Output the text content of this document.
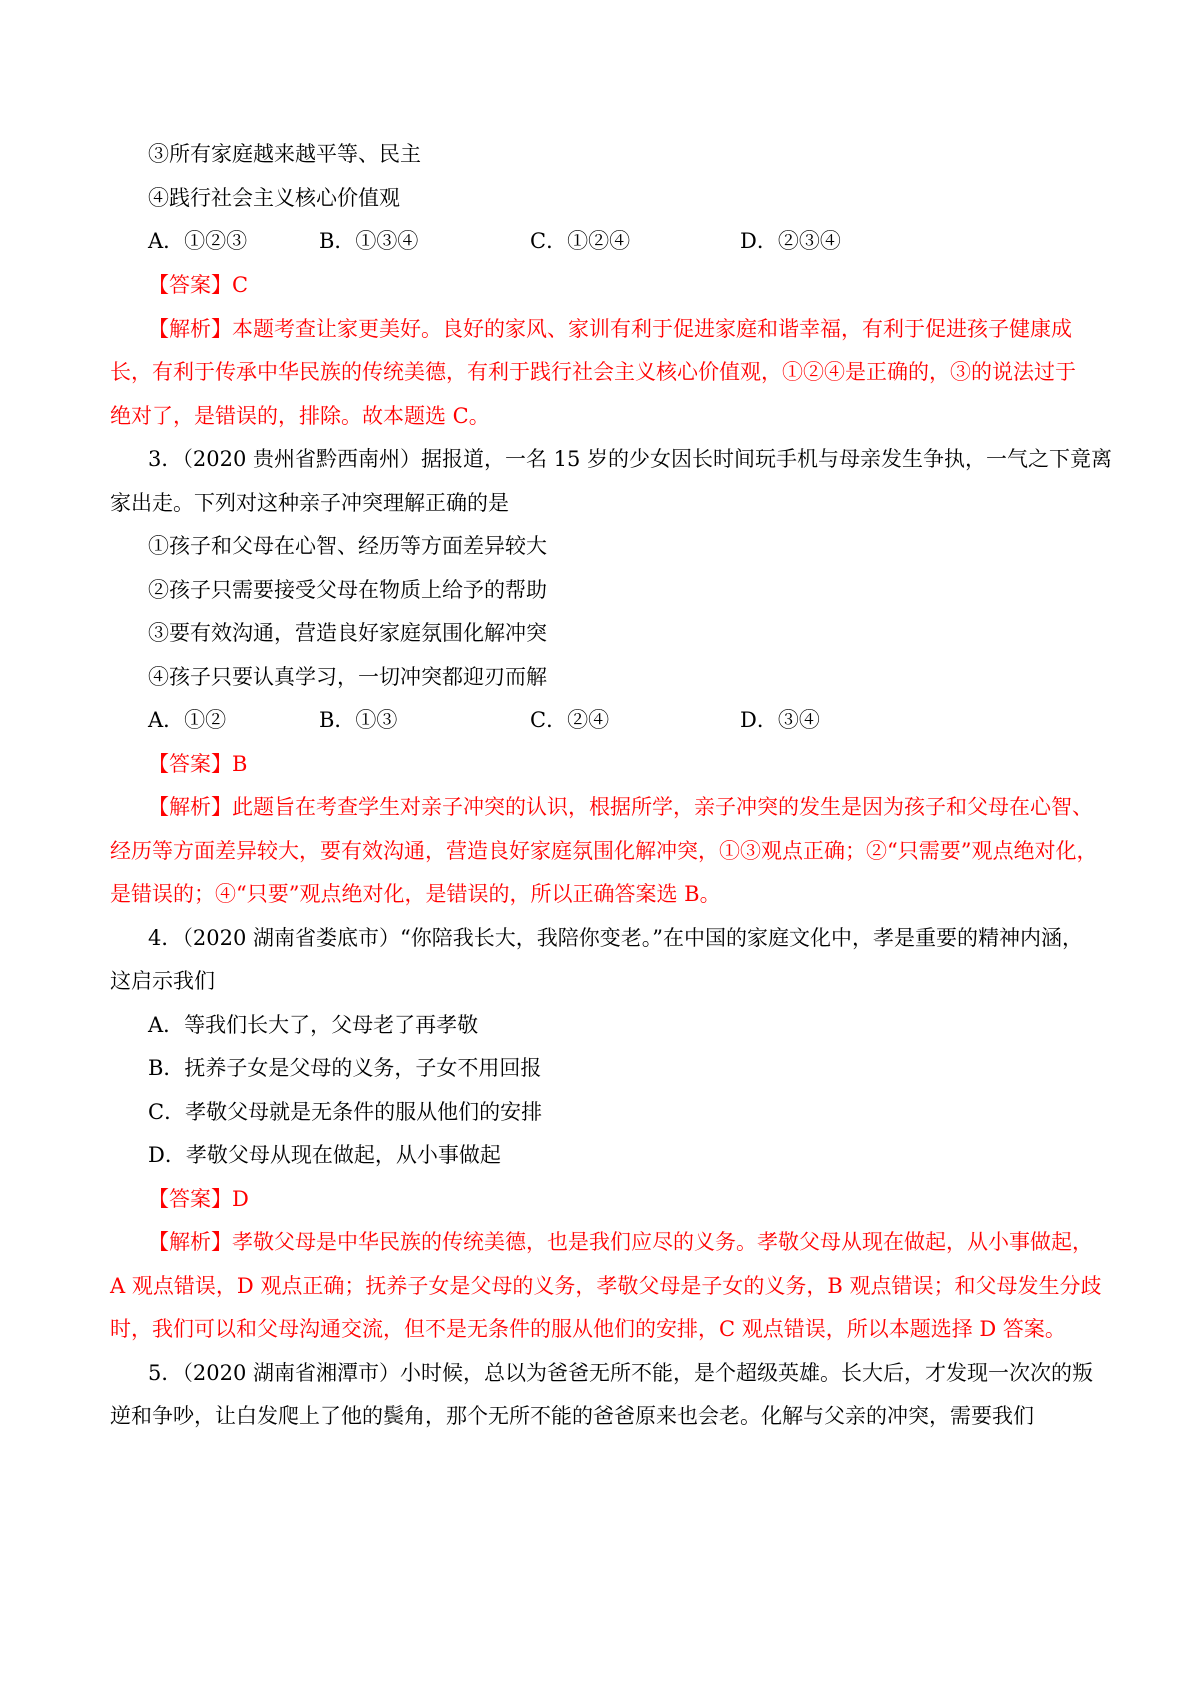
③所有家庭越来越平等、民主
④践行社会主义核心价值观
A．①②③	B．①③④	C．①②④	D．②③④
【答案】C
【解析】本题考查让家更美好。良好的家风、家训有利于促进家庭和谐幸福，有利于促进孩子健康成
长，有利于传承中华民族的传统美德，有利于践行社会主义核心价值观，①②④是正确的，③的说法过于
绝对了，是错误的，排除。故本题选 C。
3．（2020 贵州省黔西南州）据报道，一名 15 岁的少女因长时间玩手机与母亲发生争执，一气之下竟离
家出走。下列对这种亲子冲突理解正确的是
①孩子和父母在心智、经历等方面差异较大
②孩子只需要接受父母在物质上给予的帮助
③要有效沟通，营造良好家庭氛围化解冲突
④孩子只要认真学习，一切冲突都迎刃而解
A．①②	B．①③	C．②④	D．③④
【答案】B
【解析】此题旨在考查学生对亲子冲突的认识，根据所学，亲子冲突的发生是因为孩子和父母在心智、
经历等方面差异较大，要有效沟通，营造良好家庭氛围化解冲突，①③观点正确；②“只需要”观点绝对化，
是错误的；④“只要”观点绝对化，是错误的，所以正确答案选 B。
4．（2020 湖南省娄底市）“你陪我长大，我陪你变老。”在中国的家庭文化中，孝是重要的精神内涵，
这启示我们
A．等我们长大了，父母老了再孝敬
B．抚养子女是父母的义务，子女不用回报
C．孝敬父母就是无条件的服从他们的安排
D．孝敬父母从现在做起，从小事做起
【答案】D
【解析】孝敬父母是中华民族的传统美德，也是我们应尽的义务。孝敬父母从现在做起，从小事做起，
A 观点错误，D 观点正确；抚养子女是父母的义务，孝敬父母是子女的义务，B 观点错误；和父母发生分歧
时，我们可以和父母沟通交流，但不是无条件的服从他们的安排，C 观点错误，所以本题选择 D 答案。
5．（2020 湖南省湘潭市）小时候，总以为爸爸无所不能，是个超级英雄。长大后，才发现一次次的叛
逆和争吵，让白发爬上了他的鬓角，那个无所不能的爸爸原来也会老。化解与父亲的冲突，需要我们
